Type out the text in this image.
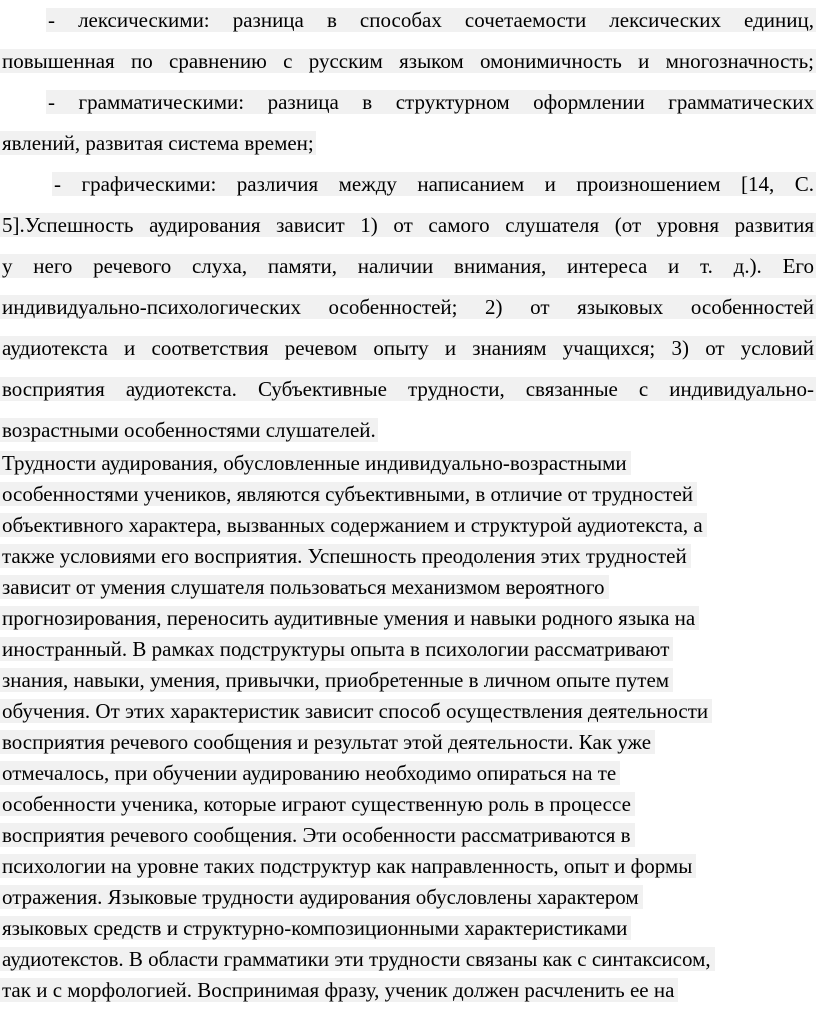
- лексическими: разница в способах сочетаемости лексических единиц,
повышенная по сравнению с русским языком омонимичность и многозначность;
- грамматическими: разница в структурном оформлении грамматических
явлений, развитая система времен;
- графическими: различия между написанием и произношением [14, С.
5].Успешность аудирования зависит 1) от самого слушателя (от уровня развития
у него речевого слуха, памяти, наличии внимания, интереса и т. д.). Его
индивидуально-психологических особенностей; 2) от языковых особенностей
аудиотекста и соответствия речевом опыту и знаниям учащихся; 3) от условий
восприятия аудиотекста. Субъективные трудности, связанные с индивидуально-
возрастными особенностями слушателей.
Трудности аудирования, обусловленные индивидуально-возрастными
особенностями учеников, являются субъективными, в отличие от трудностей
объективного характера, вызванных содержанием и структурой аудиотекста, а
также условиями его восприятия. Успешность преодоления этих трудностей
зависит от умения слушателя пользоваться механизмом вероятного
прогнозирования, переносить аудитивные умения и навыки родного языка на
иностранный. В рамках подструктуры опыта в психологии рассматривают
знания, навыки, умения, привычки, приобретенные в личном опыте путем
обучения. От этих характеристик зависит способ осуществления деятельности
восприятия речевого сообщения и результат этой деятельности. Как уже
отмечалось, при обучении аудированию необходимо опираться на те
особенности ученика, которые играют существенную роль в процессе
восприятия речевого сообщения. Эти особенности рассматриваются в
психологии на уровне таких подструктур как направленность, опыт и формы
отражения. Языковые трудности аудирования обусловлены характером
языковых средств и структурно-композиционными характеристиками
аудиотекстов. В области грамматики эти трудности связаны как с синтаксисом,
так и с морфологией. Воспринимая фразу, ученик должен расчленить ее на
